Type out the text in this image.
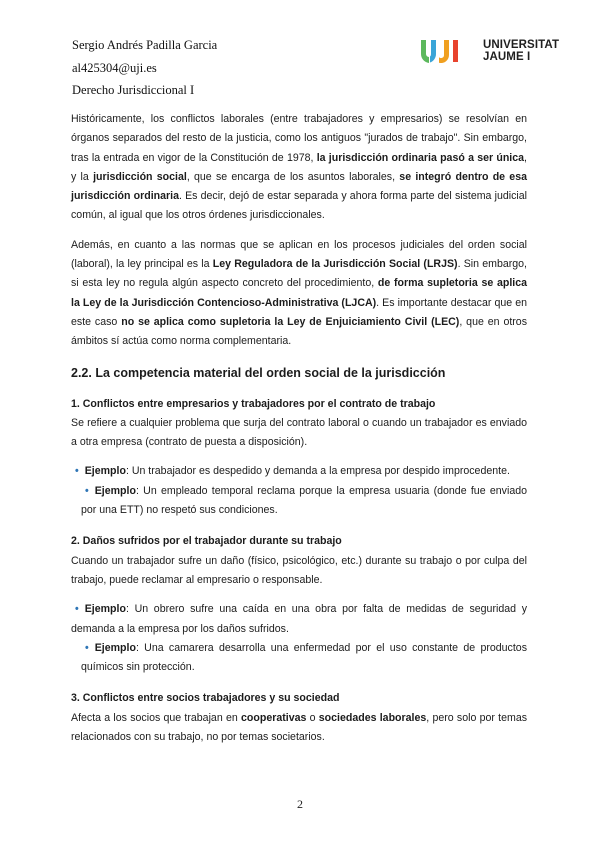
Sergio Andrés Padilla Garcia
al425304@uji.es
Derecho Jurisdiccional I
UNIVERSITAT
JAUME I

Históricamente, los conflictos laborales (entre trabajadores y empresarios) se resolvían en órganos separados del resto de la justicia, como los antiguos "jurados de trabajo". Sin embargo, tras la entrada en vigor de la Constitución de 1978, la jurisdicción ordinaria pasó a ser única, y la jurisdicción social, que se encarga de los asuntos laborales, se integró dentro de esa jurisdicción ordinaria. Es decir, dejó de estar separada y ahora forma parte del sistema judicial común, al igual que los otros órdenes jurisdiccionales.

Además, en cuanto a las normas que se aplican en los procesos judiciales del orden social (laboral), la ley principal es la Ley Reguladora de la Jurisdicción Social (LRJS). Sin embargo, si esta ley no regula algún aspecto concreto del procedimiento, de forma supletoria se aplica la Ley de la Jurisdicción Contencioso-Administrativa (LJCA). Es importante destacar que en este caso no se aplica como supletoria la Ley de Enjuiciamiento Civil (LEC), que en otros ámbitos sí actúa como norma complementaria.

2.2. La competencia material del orden social de la jurisdicción

1. Conflictos entre empresarios y trabajadores por el contrato de trabajo

Se refiere a cualquier problema que surja del contrato laboral o cuando un trabajador es enviado a otra empresa (contrato de puesta a disposición).

• Ejemplo: Un trabajador es despedido y demanda a la empresa por despido improcedente.

• Ejemplo: Un empleado temporal reclama porque la empresa usuaria (donde fue enviado por una ETT) no respetó sus condiciones.

2. Daños sufridos por el trabajador durante su trabajo

Cuando un trabajador sufre un daño (físico, psicológico, etc.) durante su trabajo o por culpa del trabajo, puede reclamar al empresario o responsable.

• Ejemplo: Un obrero sufre una caída en una obra por falta de medidas de seguridad y demanda a la empresa por los daños sufridos.

• Ejemplo: Una camarera desarrolla una enfermedad por el uso constante de productos químicos sin protección.

3. Conflictos entre socios trabajadores y su sociedad

Afecta a los socios que trabajan en cooperativas o sociedades laborales, pero solo por temas relacionados con su trabajo, no por temas societarios.

2
